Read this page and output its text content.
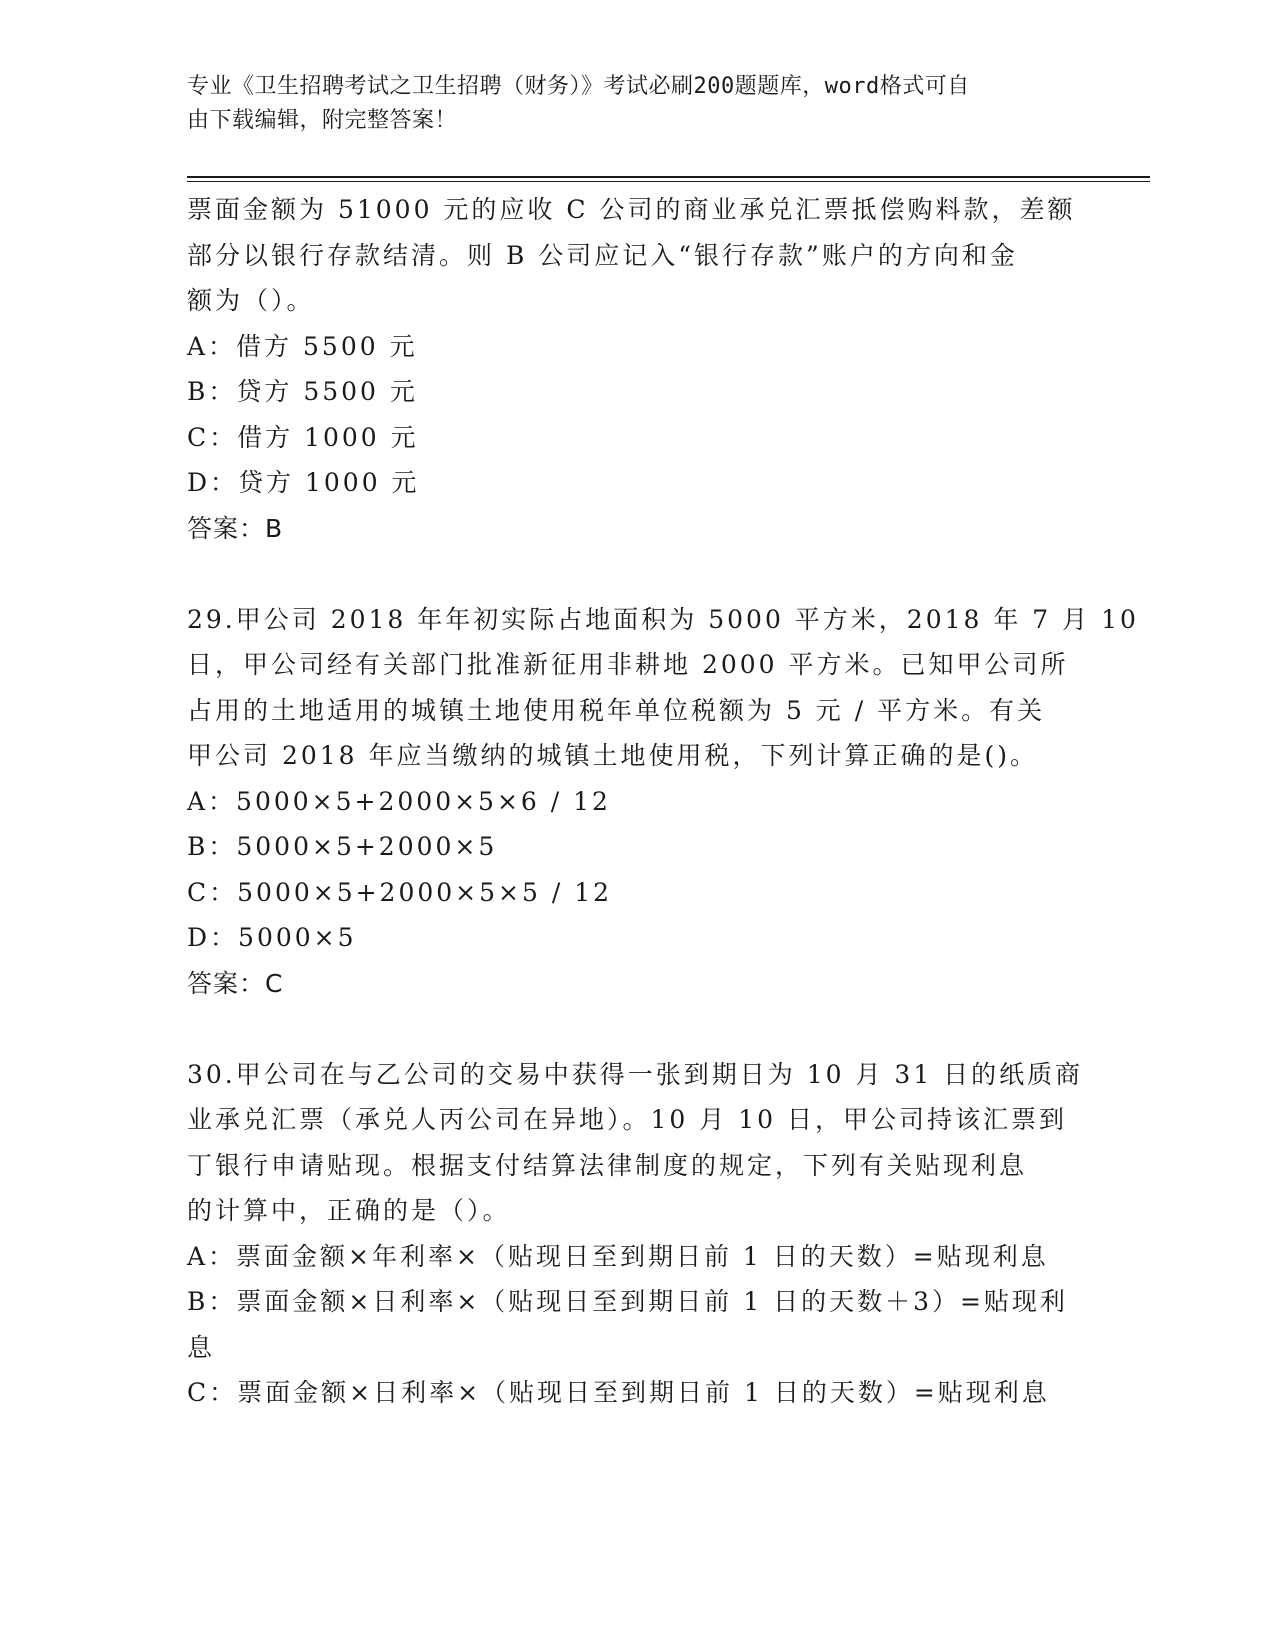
专业《卫生招聘考试之卫生招聘（财务）》考试必刷200题题库，word格式可自
由下载编辑，附完整答案！

票面金额为 51000 元的应收 C 公司的商业承兑汇票抵偿购料款，差额

部分以银行存款结清。则 B 公司应记入“银行存款”账户的方向和金

额为（）。

A：借方 5500 元

B：贷方 5500 元

C：借方 1000 元

D：贷方 1000 元

答案：B

29.甲公司 2018 年年初实际占地面积为 5000 平方米，2018 年 7 月 10

日，甲公司经有关部门批准新征用非耕地 2000 平方米。已知甲公司所

占用的土地适用的城镇土地使用税年单位税额为 5 元 / 平方米。有关

甲公司 2018 年应当缴纳的城镇土地使用税，下列计算正确的是()。

A：5000×5+2000×5×6 / 12

B：5000×5+2000×5

C：5000×5+2000×5×5 / 12

D：5000×5

答案：C

30.甲公司在与乙公司的交易中获得一张到期日为 10 月 31 日的纸质商

业承兑汇票（承兑人丙公司在异地）。10 月 10 日，甲公司持该汇票到

丁银行申请贴现。根据支付结算法律制度的规定，下列有关贴现利息

的计算中，正确的是（）。

A：票面金额×年利率×（贴现日至到期日前 1 日的天数）=贴现利息

B：票面金额×日利率×（贴现日至到期日前 1 日的天数＋3）=贴现利

息

C：票面金额×日利率×（贴现日至到期日前 1 日的天数）=贴现利息
